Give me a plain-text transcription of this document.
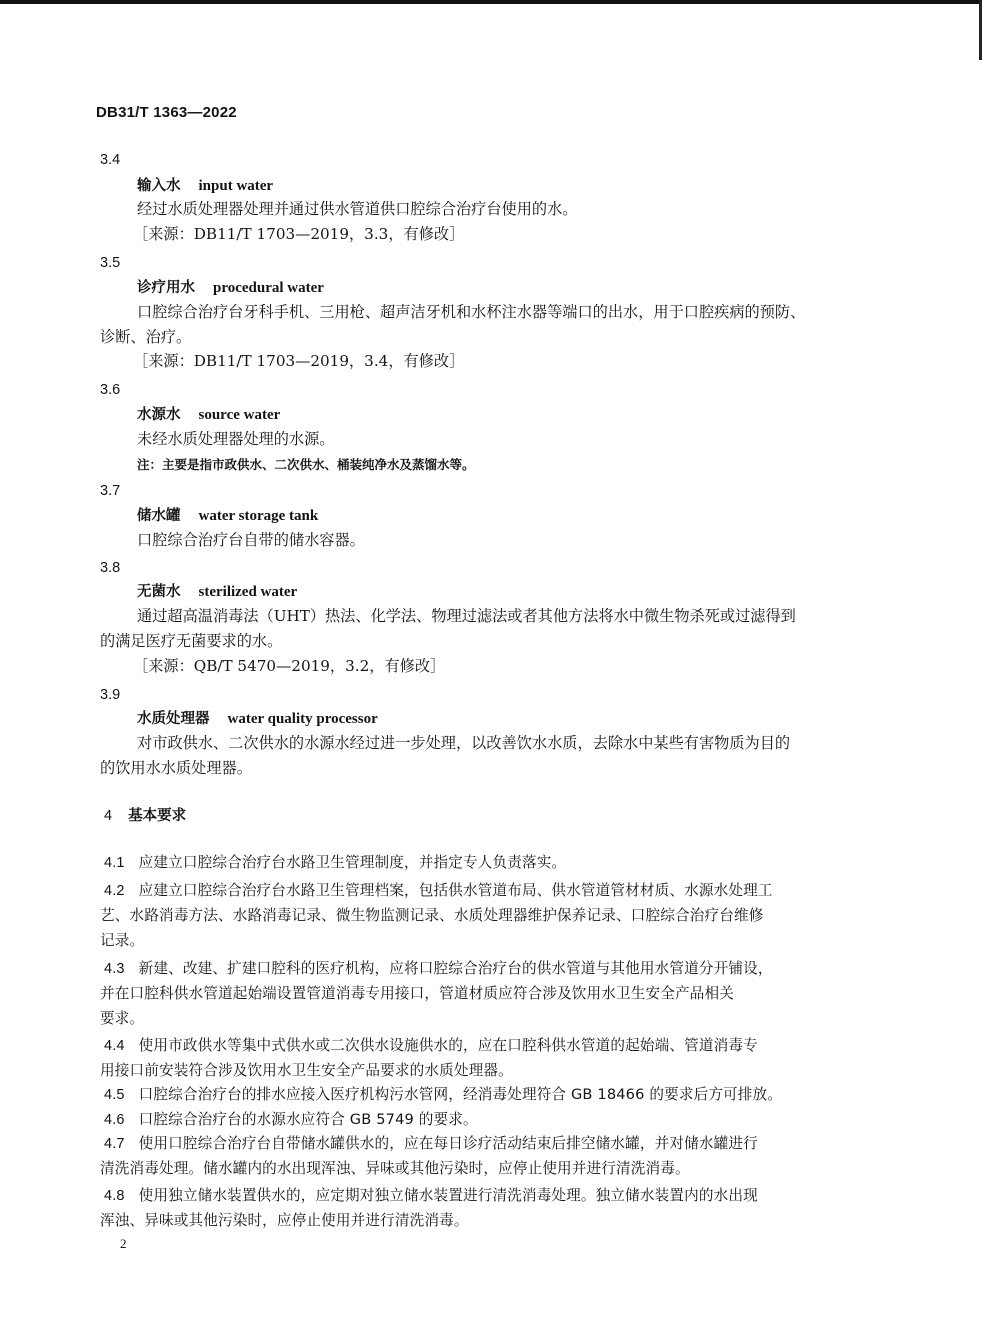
DB31/T 1363—2022
3.4
输入水 input water
经过水质处理器处理并通过供水管道供口腔综合治疗台使用的水。
［来源：DB11/T 1703—2019，3.3，有修改］
3.5
诊疗用水 procedural water
口腔综合治疗台牙科手机、三用枪、超声洁牙机和水杯注水器等端口的出水，用于口腔疾病的预防、
诊断、治疗。
［来源：DB11/T 1703—2019，3.4，有修改］
3.6
水源水 source water
未经水质处理器处理的水源。
注：主要是指市政供水、二次供水、桶装纯净水及蒸馏水等。
3.7
储水罐 water storage tank
口腔综合治疗台自带的储水容器。
3.8
无菌水 sterilized water
通过超高温消毒法（UHT）热法、化学法、物理过滤法或者其他方法将水中微生物杀死或过滤得到
的满足医疗无菌要求的水。
［来源：QB/T 5470—2019，3.2，有修改］
3.9
水质处理器 water quality processor
对市政供水、二次供水的水源水经过进一步处理，以改善饮水水质，去除水中某些有害物质为目的
的饮用水水质处理器。
4 基本要求
4.1 应建立口腔综合治疗台水路卫生管理制度，并指定专人负责落实。
4.2 应建立口腔综合治疗台水路卫生管理档案，包括供水管道布局、供水管道管材材质、水源水处理工
艺、水路消毒方法、水路消毒记录、微生物监测记录、水质处理器维护保养记录、口腔综合治疗台维修
记录。
4.3 新建、改建、扩建口腔科的医疗机构，应将口腔综合治疗台的供水管道与其他用水管道分开铺设，
并在口腔科供水管道起始端设置管道消毒专用接口，管道材质应符合涉及饮用水卫生安全产品相关
要求。
4.4 使用市政供水等集中式供水或二次供水设施供水的，应在口腔科供水管道的起始端、管道消毒专
用接口前安装符合涉及饮用水卫生安全产品要求的水质处理器。
4.5 口腔综合治疗台的排水应接入医疗机构污水管网，经消毒处理符合 GB 18466 的要求后方可排放。
4.6 口腔综合治疗台的水源水应符合 GB 5749 的要求。
4.7 使用口腔综合治疗台自带储水罐供水的，应在每日诊疗活动结束后排空储水罐，并对储水罐进行
清洗消毒处理。储水罐内的水出现浑浊、异味或其他污染时，应停止使用并进行清洗消毒。
4.8 使用独立储水装置供水的，应定期对独立储水装置进行清洗消毒处理。独立储水装置内的水出现
浑浊、异味或其他污染时，应停止使用并进行清洗消毒。
2
